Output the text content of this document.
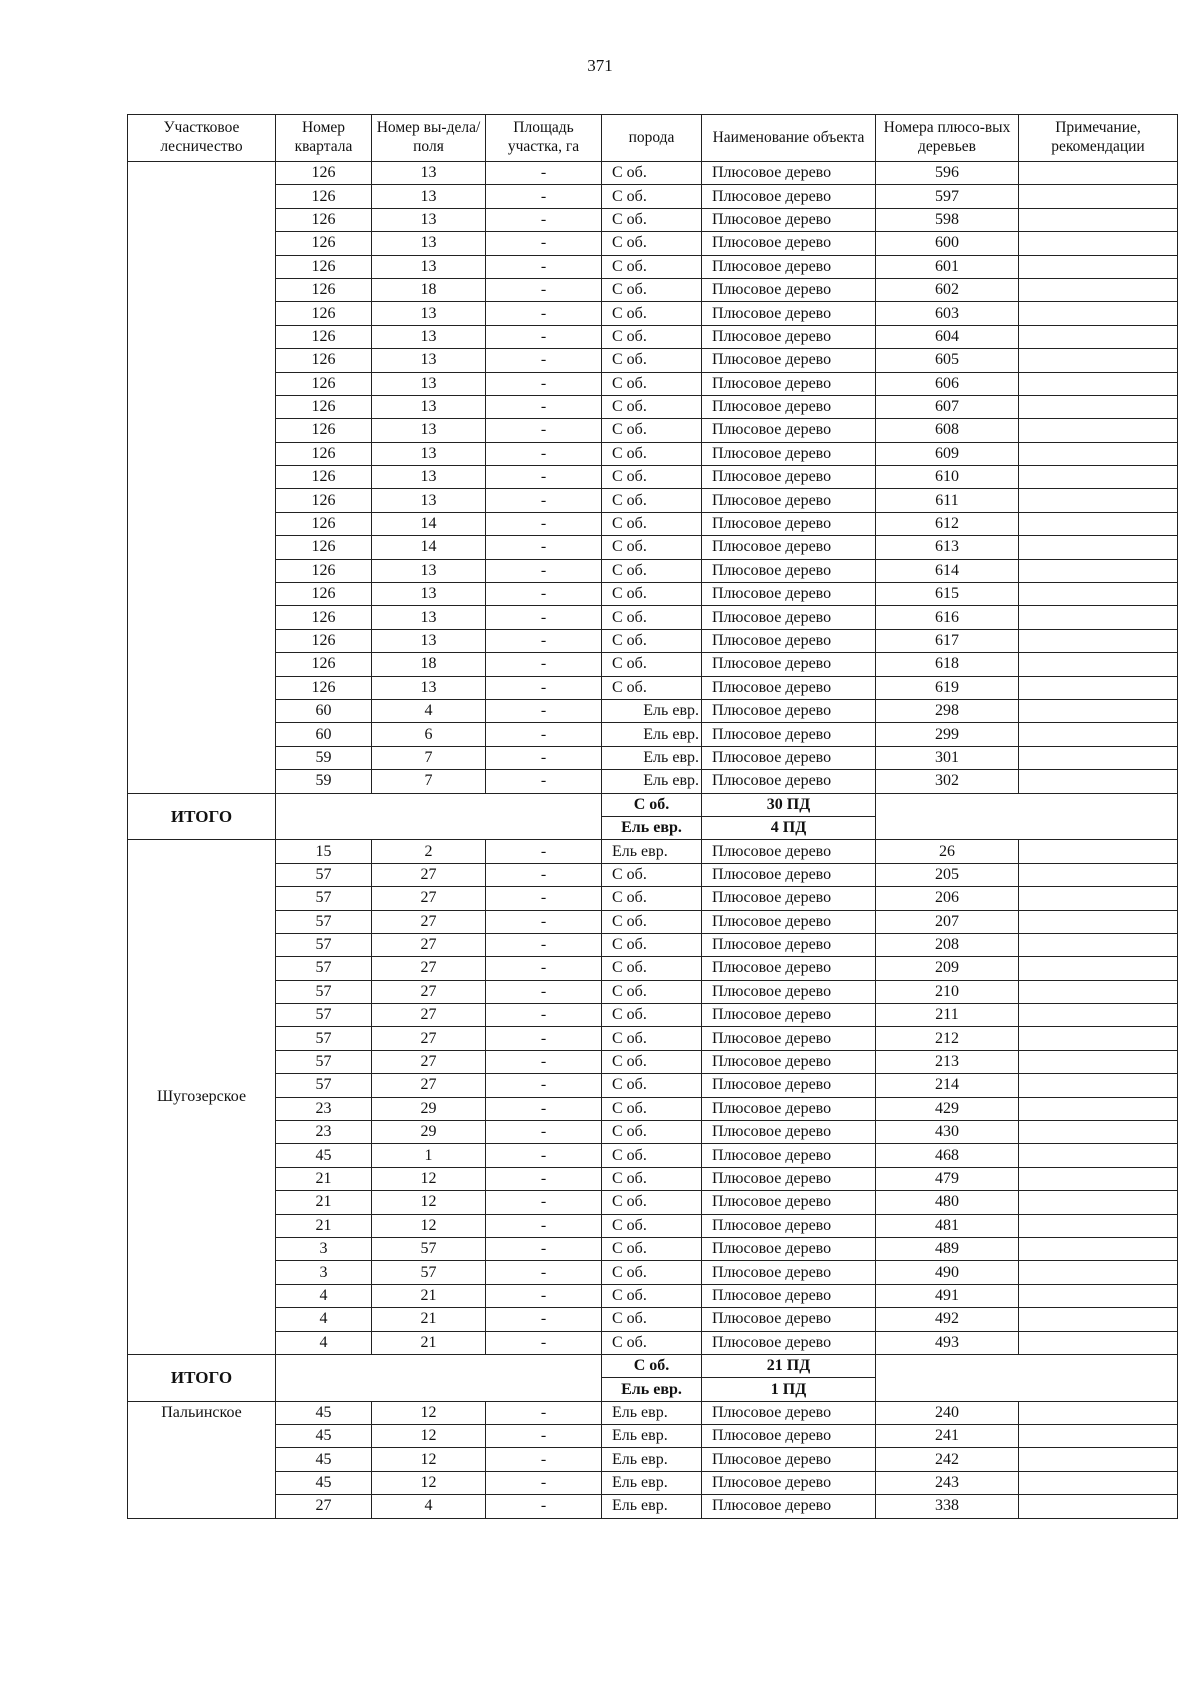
371
Участковое лесничество	Номер квартала	Номер вы-дела/ поля	Площадь участка, га	порода	Наименование объекта	Номера плюсо-вых деревьев	Примечание, рекомендации
	126	13	-	С об.	Плюсовое дерево	596	
	126	13	-	С об.	Плюсовое дерево	597	
	126	13	-	С об.	Плюсовое дерево	598	
	126	13	-	С об.	Плюсовое дерево	600	
	126	13	-	С об.	Плюсовое дерево	601	
	126	18	-	С об.	Плюсовое дерево	602	
	126	13	-	С об.	Плюсовое дерево	603	
	126	13	-	С об.	Плюсовое дерево	604	
	126	13	-	С об.	Плюсовое дерево	605	
	126	13	-	С об.	Плюсовое дерево	606	
	126	13	-	С об.	Плюсовое дерево	607	
	126	13	-	С об.	Плюсовое дерево	608	
	126	13	-	С об.	Плюсовое дерево	609	
	126	13	-	С об.	Плюсовое дерево	610	
	126	13	-	С об.	Плюсовое дерево	611	
	126	14	-	С об.	Плюсовое дерево	612	
	126	14	-	С об.	Плюсовое дерево	613	
	126	13	-	С об.	Плюсовое дерево	614	
	126	13	-	С об.	Плюсовое дерево	615	
	126	13	-	С об.	Плюсовое дерево	616	
	126	13	-	С об.	Плюсовое дерево	617	
	126	18	-	С об.	Плюсовое дерево	618	
	126	13	-	С об.	Плюсовое дерево	619	
	60	4	-	Ель евр.	Плюсовое дерево	298	
	60	6	-	Ель евр.	Плюсовое дерево	299	
	59	7	-	Ель евр.	Плюсовое дерево	301	
	59	7	-	Ель евр.	Плюсовое дерево	302	
ИТОГО				С об.	30 ПД		
				Ель евр.	4 ПД		
Шугозерское	15	2	-	Ель евр.	Плюсовое дерево	26	
	57	27	-	С об.	Плюсовое дерево	205	
	57	27	-	С об.	Плюсовое дерево	206	
	57	27	-	С об.	Плюсовое дерево	207	
	57	27	-	С об.	Плюсовое дерево	208	
	57	27	-	С об.	Плюсовое дерево	209	
	57	27	-	С об.	Плюсовое дерево	210	
	57	27	-	С об.	Плюсовое дерево	211	
	57	27	-	С об.	Плюсовое дерево	212	
	57	27	-	С об.	Плюсовое дерево	213	
	57	27	-	С об.	Плюсовое дерево	214	
	23	29	-	С об.	Плюсовое дерево	429	
	23	29	-	С об.	Плюсовое дерево	430	
	45	1	-	С об.	Плюсовое дерево	468	
	21	12	-	С об.	Плюсовое дерево	479	
	21	12	-	С об.	Плюсовое дерево	480	
	21	12	-	С об.	Плюсовое дерево	481	
	3	57	-	С об.	Плюсовое дерево	489	
	3	57	-	С об.	Плюсовое дерево	490	
	4	21	-	С об.	Плюсовое дерево	491	
	4	21	-	С об.	Плюсовое дерево	492	
	4	21	-	С об.	Плюсовое дерево	493	
ИТОГО				С об.	21 ПД		
				Ель евр.	1 ПД		
Пальинское	45	12	-	Ель евр.	Плюсовое дерево	240	
	45	12	-	Ель евр.	Плюсовое дерево	241	
	45	12	-	Ель евр.	Плюсовое дерево	242	
	45	12	-	Ель евр.	Плюсовое дерево	243	
	27	4	-	Ель евр.	Плюсовое дерево	338	
